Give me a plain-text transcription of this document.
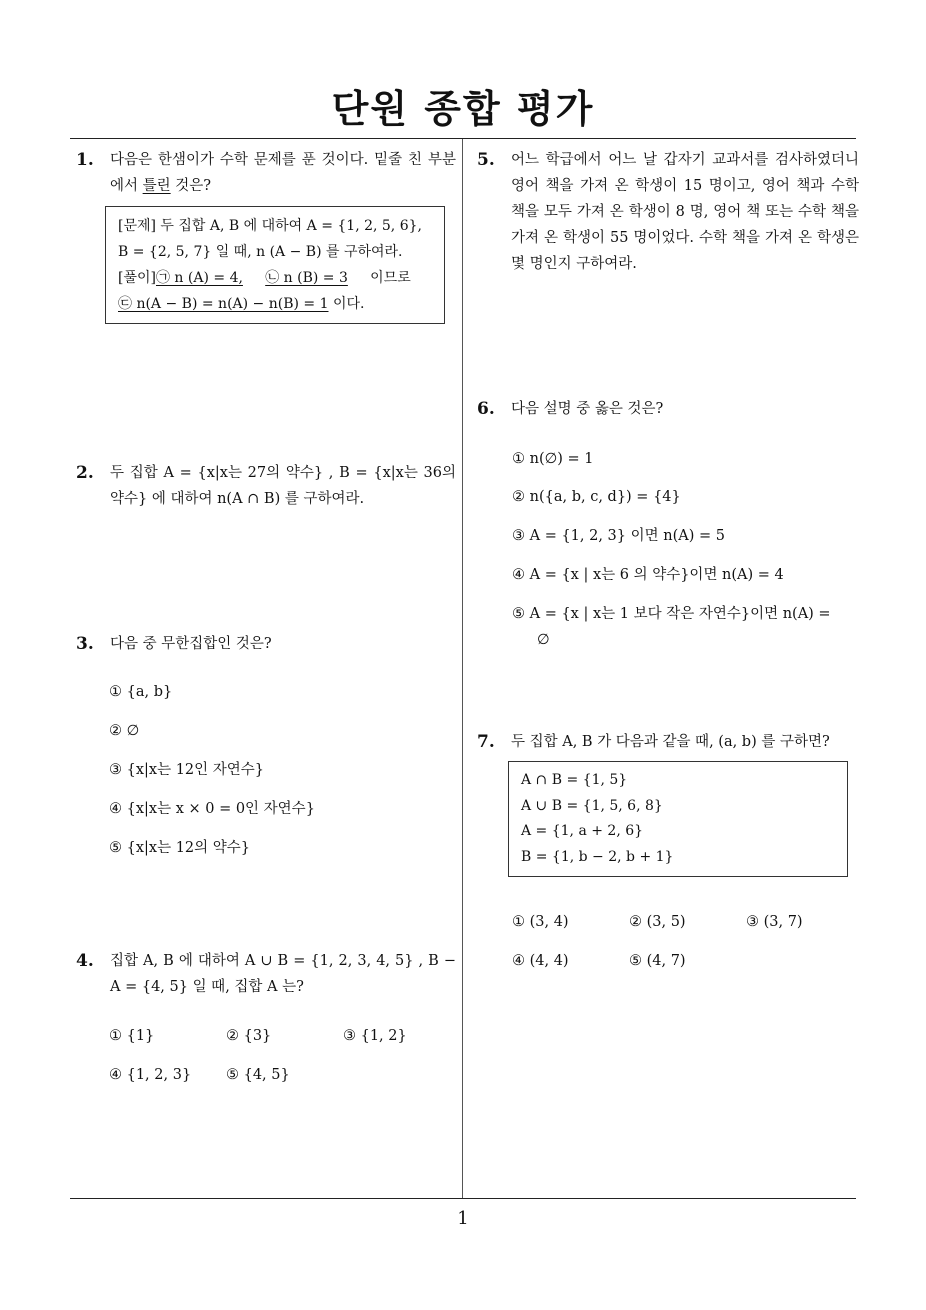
단원 종합 평가
1. 다음은 한샘이가 수학 문제를 푼 것이다. 밑줄 친 부분에서 틀린 것은?
[문제] 두 집합 A, B 에 대하여 A = {1, 2, 5, 6},
B = {2, 5, 7} 일 때, n (A − B) 를 구하여라.
[풀이]㉠ n (A) = 4, ㉡ n (B) = 3 이므로
㉢ n(A − B) = n(A) − n(B) = 1 이다.
2. 두 집합 A = {x|x는 27의 약수} , B = {x|x는 36의 약수} 에 대하여 n(A ∩ B) 를 구하여라.
3. 다음 중 무한집합인 것은?
① {a, b}
② ∅
③ {x|x는 12인 자연수}
④ {x|x는 x × 0 = 0인 자연수}
⑤ {x|x는 12의 약수}
4. 집합 A, B 에 대하여 A ∪ B = {1, 2, 3, 4, 5} , B − A = {4, 5} 일 때, 집합 A 는?
① {1}	② {3}	③ {1, 2}
④ {1, 2, 3} ⑤ {4, 5}
5. 어느 학급에서 어느 날 갑자기 교과서를 검사하였더니 영어 책을 가져 온 학생이 15 명이고, 영어 책과 수학 책을 모두 가져 온 학생이 8 명, 영어 책 또는 수학 책을 가져 온 학생이 55 명이었다. 수학 책을 가져 온 학생은 몇 명인지 구하여라.
6. 다음 설명 중 옳은 것은?
① n(∅) = 1
② n({a, b, c, d}) = {4}
③ A = {1, 2, 3} 이면 n(A) = 5
④ A = {x | x는 6 의 약수}이면 n(A) = 4
⑤ A = {x | x는 1 보다 작은 자연수}이면 n(A) =
∅
7. 두 집합 A, B 가 다음과 같을 때, (a, b) 를 구하면?
A ∩ B = {1, 5}
A ∪ B = {1, 5, 6, 8}
A = {1, a + 2, 6}
B = {1, b − 2, b + 1}
① (3, 4)	② (3, 5)	③ (3, 7)
④ (4, 4)	⑤ (4, 7)
1
